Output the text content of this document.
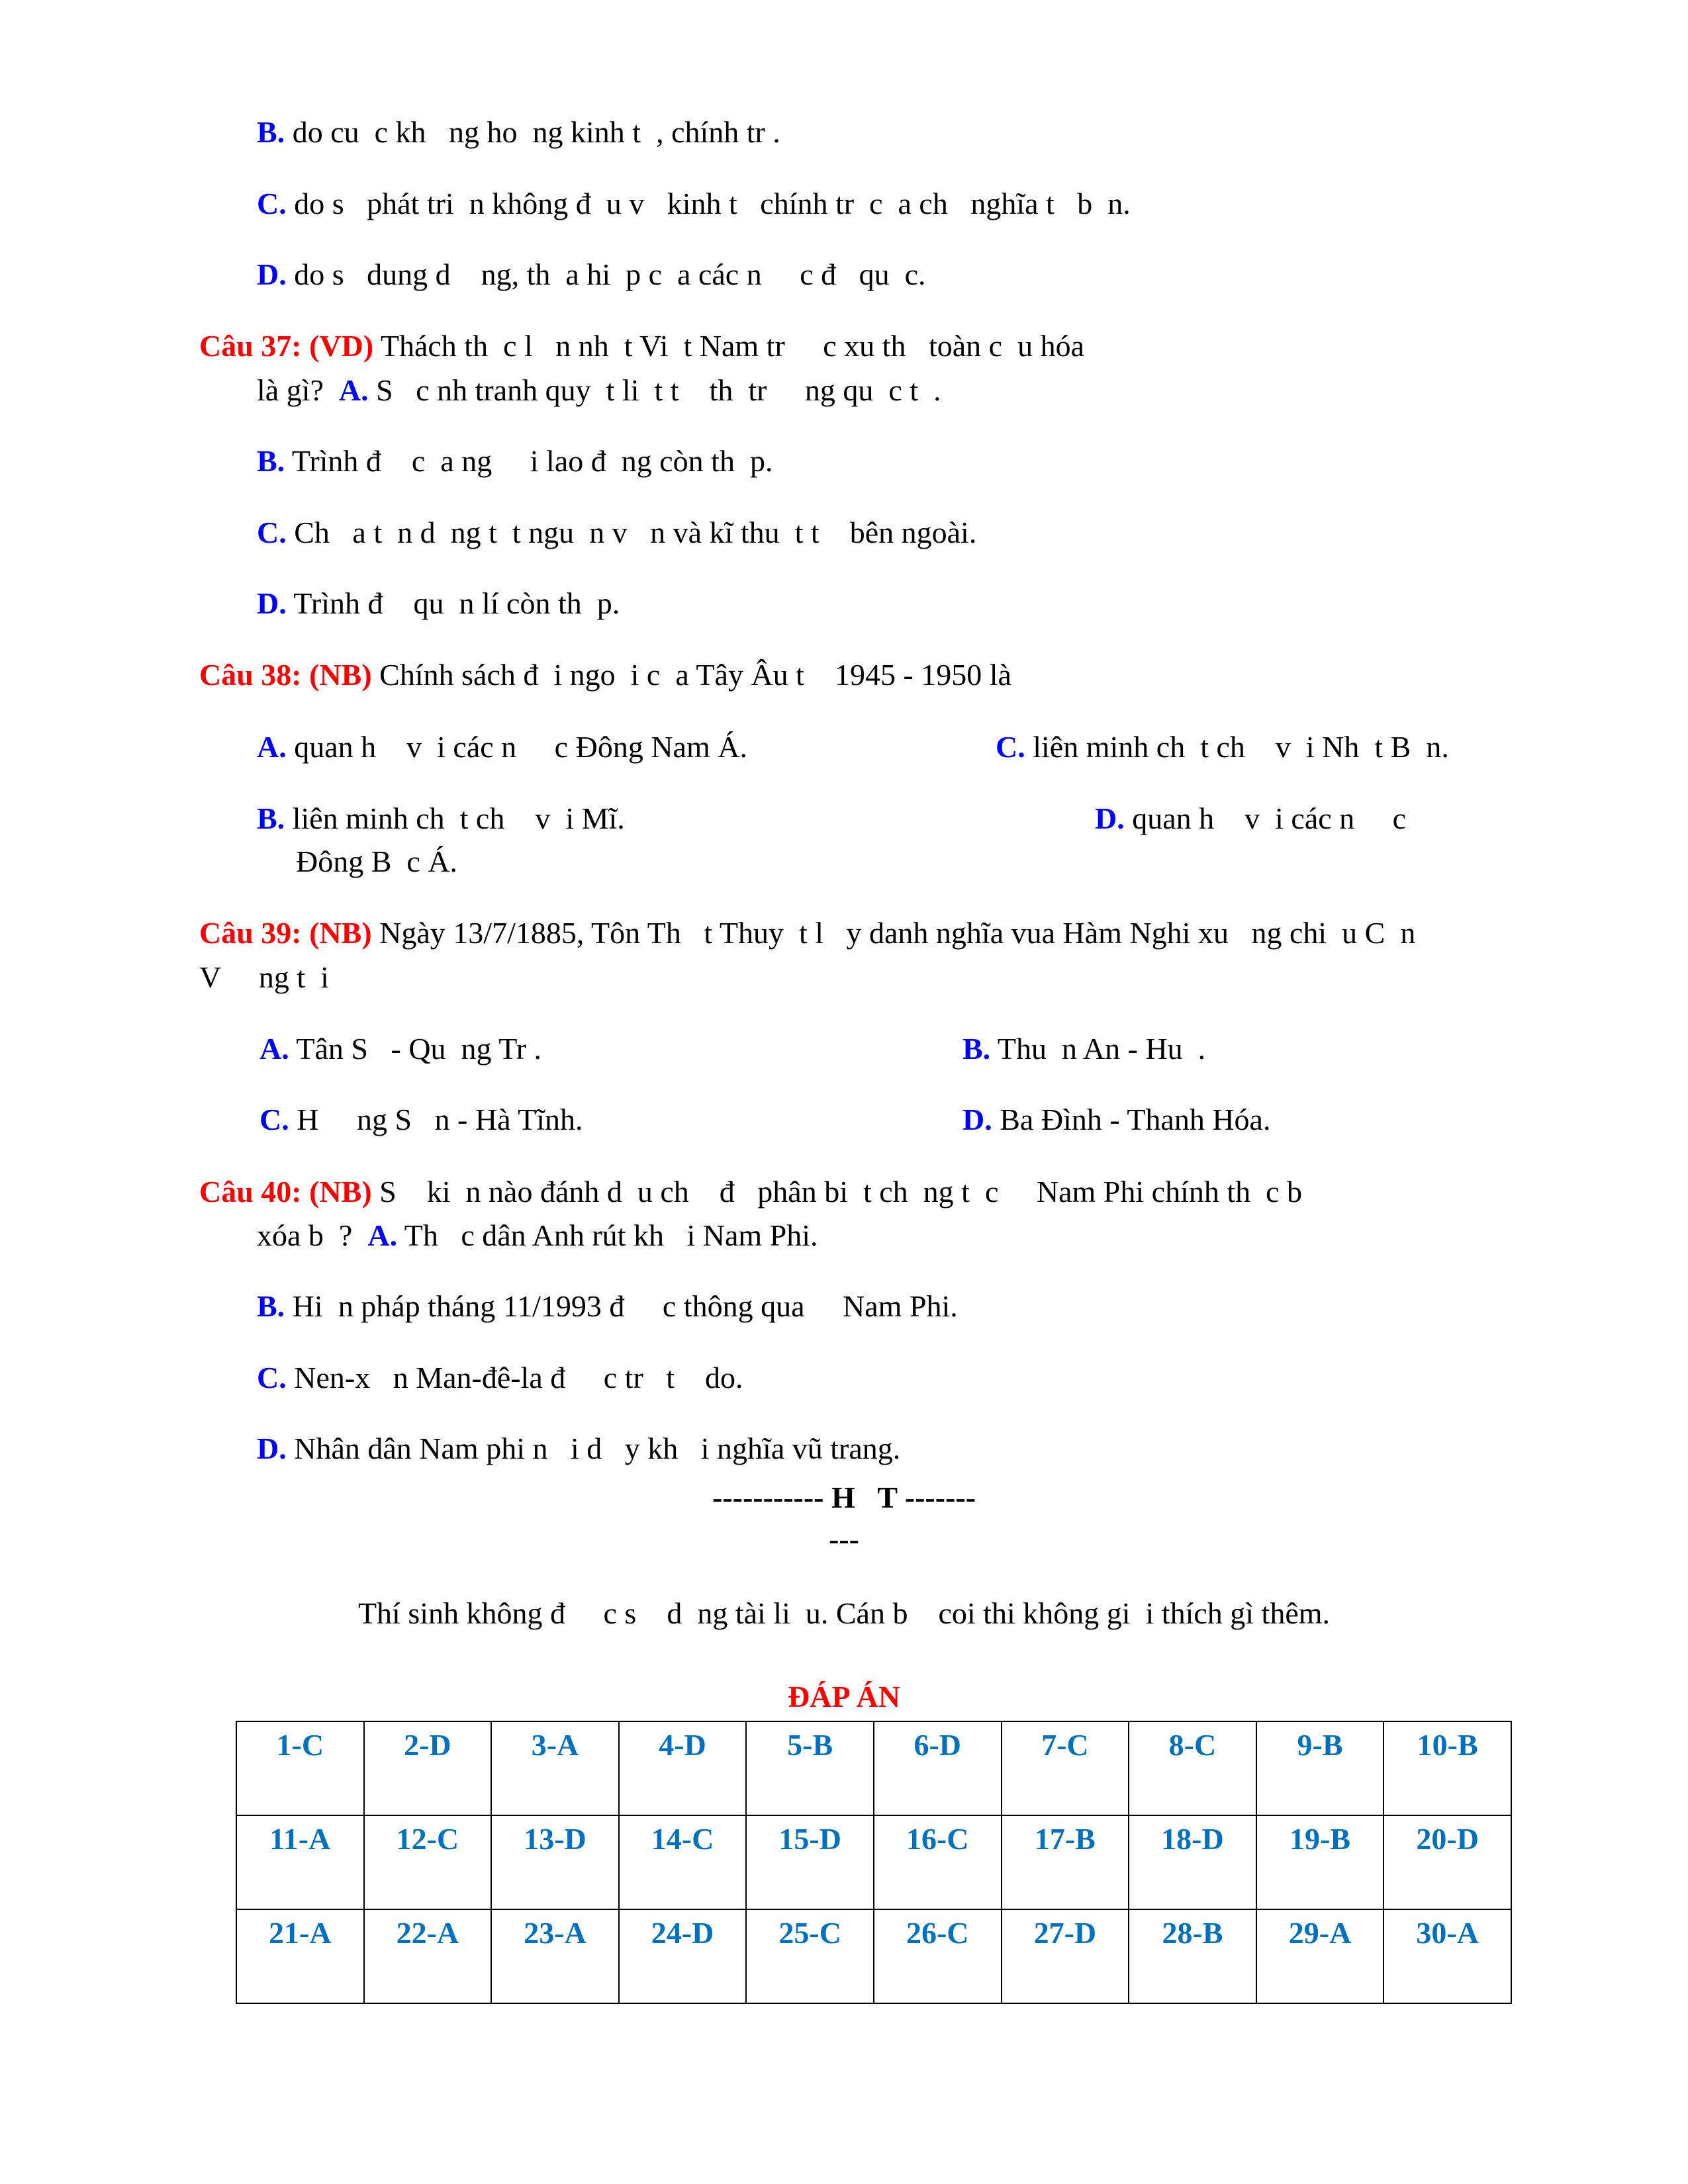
B. do cu  c kh   ng ho  ng kinh t  , chính tr .
C. do s   phát tri  n không đ  u v   kinh t   chính tr  c  a ch   nghĩa t   b  n.
D. do s   dung d    ng, th  a hi  p c  a các n     c đ   qu  c.
Câu 37: (VD) Thách th  c l   n nh  t Vi  t Nam tr     c xu th   toàn c  u hóa
là gì?  A. S   c nh tranh quy  t li  t t    th  tr     ng qu  c t  .
B. Trình đ    c  a ng     i lao đ  ng còn th  p.
C. Ch   a t  n d  ng t  t ngu  n v   n và kĩ thu  t t    bên ngoài.
D. Trình đ    qu  n lí còn th  p.
Câu 38: (NB) Chính sách đ  i ngo  i c  a Tây Âu t    1945 - 1950 là
A. quan h    v  i các n     c Đông Nam Á.	C. liên minh ch  t ch    v  i Nh  t B  n.
B. liên minh ch  t ch    v  i Mĩ.	D. quan h    v  i các n     c
Đông B  c Á.
Câu 39: (NB) Ngày 13/7/1885, Tôn Th   t Thuy  t l   y danh nghĩa vua Hàm Nghi xu   ng chi  u C  n
V     ng t  i
A. Tân S   - Qu  ng Tr .	B. Thu  n An - Hu  .
C. H     ng S   n - Hà Tĩnh.	D. Ba Đình - Thanh Hóa.
Câu 40: (NB) S    ki  n nào đánh d  u ch    đ   phân bi  t ch  ng t  c     Nam Phi chính th  c b
xóa b  ?  A. Th   c dân Anh rút kh   i Nam Phi.
B. Hi  n pháp tháng 11/1993 đ     c thông qua     Nam Phi.
C. Nen-x   n Man-đê-la đ     c tr   t    do.
D. Nhân dân Nam phi n   i d   y kh   i nghĩa vũ trang.
----------- H   T -------
---
Thí sinh không đ     c s    d  ng tài li  u. Cán b    coi thi không gi  i thích gì thêm.
ĐÁP ÁN
1-C	2-D	3-A	4-D	5-B	6-D	7-C	8-C	9-B	10-B
11-A	12-C	13-D	14-C	15-D	16-C	17-B	18-D	19-B	20-D
21-A	22-A	23-A	24-D	25-C	26-C	27-D	28-B	29-A	30-A
